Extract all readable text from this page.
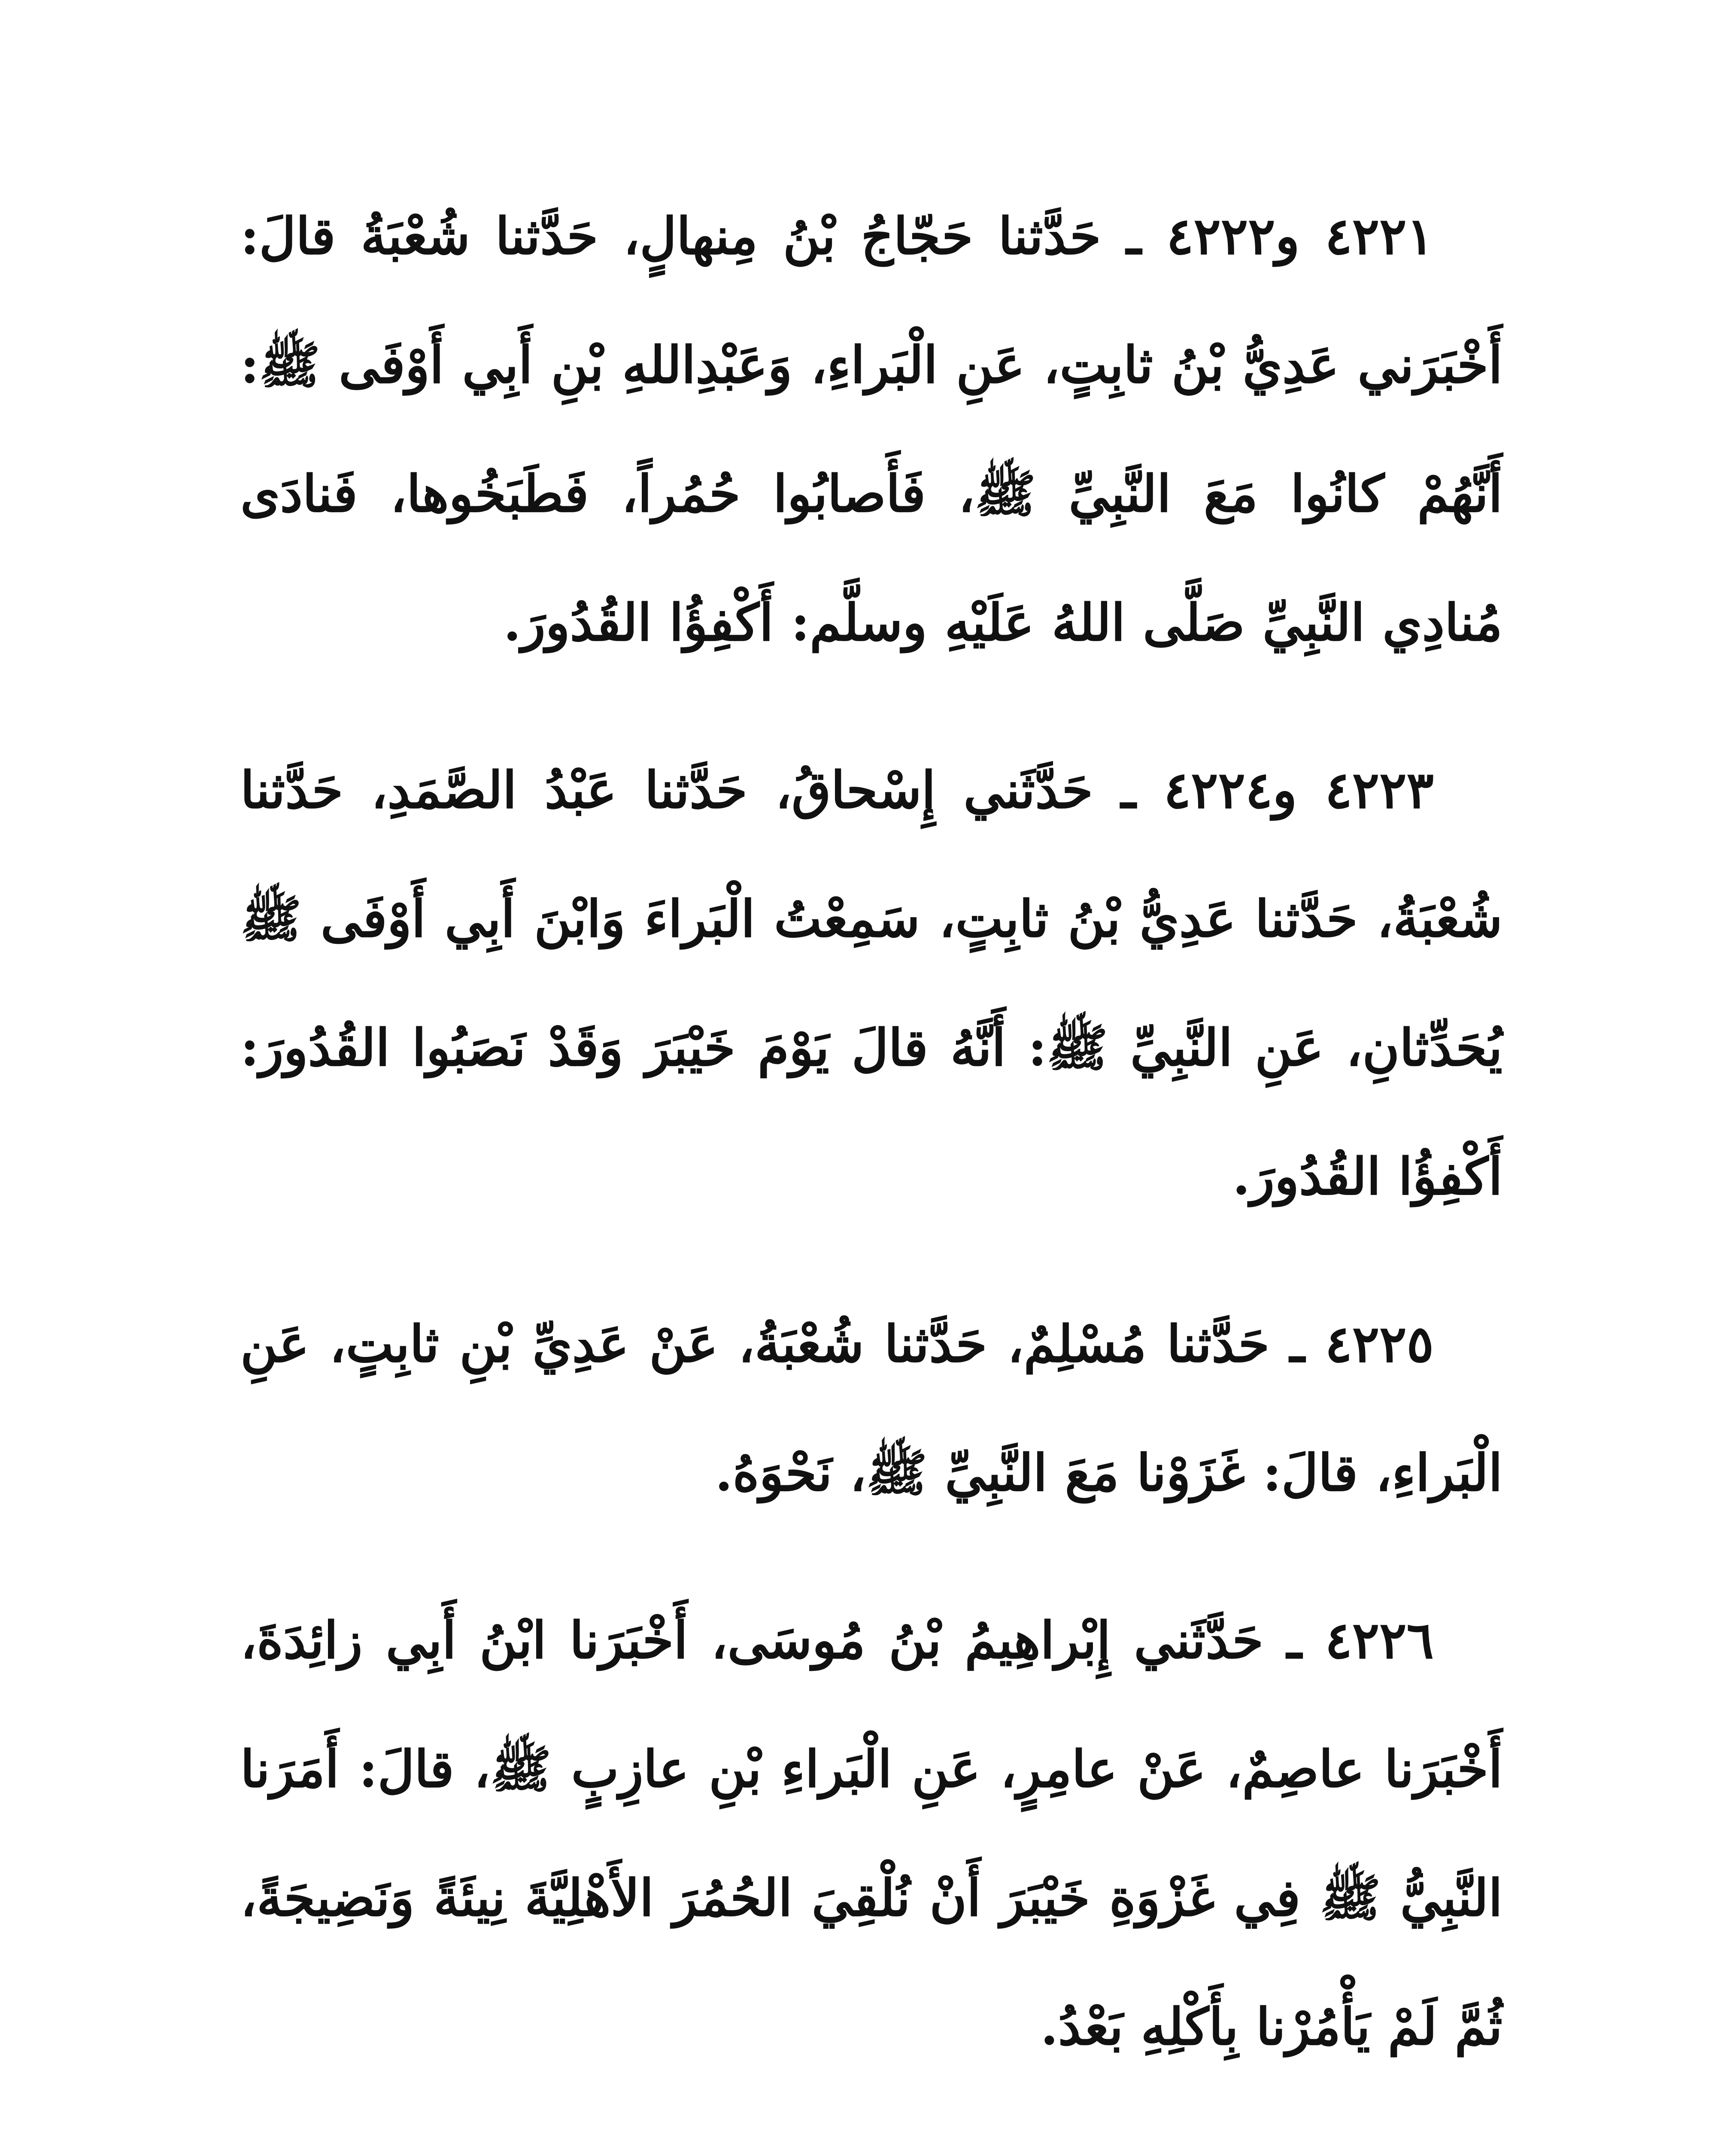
٤٢٢١ و٤٢٢٢ ـ حَدَّثنا حَجّاجُ بْنُ مِنهالٍ، حَدَّثنا شُعْبَةُ قالَ: أَخْبَرَني عَدِيُّ بْنُ ثابِتٍ، عَنِ الْبَراءِ، وَعَبْدِاللهِ بْنِ أَبِي أَوْفَى ﷺ: أَنَّهُمْ كانُوا مَعَ النَّبِيِّ ﷺ، فَأَصابُوا حُمُراً، فَطَبَخُوها، فَنادَى مُنادِي النَّبِيِّ صَلَّى اللهُ عَلَيْهِ وسلَّم: أَكْفِؤُا القُدُورَ.

٤٢٢٣ و٤٢٢٤ ـ حَدَّثَني إِسْحاقُ، حَدَّثنا عَبْدُ الصَّمَدِ، حَدَّثنا شُعْبَةُ، حَدَّثنا عَدِيُّ بْنُ ثابِتٍ، سَمِعْتُ الْبَراءَ وَابْنَ أَبِي أَوْفَى ﷺ يُحَدِّثانِ، عَنِ النَّبِيِّ ﷺ: أَنَّهُ قالَ يَوْمَ خَيْبَرَ وَقَدْ نَصَبُوا القُدُورَ: أَكْفِؤُا القُدُورَ.

٤٢٢٥ ـ حَدَّثنا مُسْلِمٌ، حَدَّثنا شُعْبَةُ، عَنْ عَدِيِّ بْنِ ثابِتٍ، عَنِ الْبَراءِ، قالَ: غَزَوْنا مَعَ النَّبِيِّ ﷺ، نَحْوَهُ.

٤٢٢٦ ـ حَدَّثَني إِبْراهِيمُ بْنُ مُوسَى، أَخْبَرَنا ابْنُ أَبِي زائِدَةَ، أَخْبَرَنا عاصِمٌ، عَنْ عامِرٍ، عَنِ الْبَراءِ بْنِ عازِبٍ ﷺ، قالَ: أَمَرَنا النَّبِيُّ ﷺ فِي غَزْوَةِ خَيْبَرَ أَنْ نُلْقِيَ الحُمُرَ الأَهْلِيَّةَ نِيئَةً وَنَضِيجَةً، ثُمَّ لَمْ يَأْمُرْنا بِأَكْلِهِ بَعْدُ.
